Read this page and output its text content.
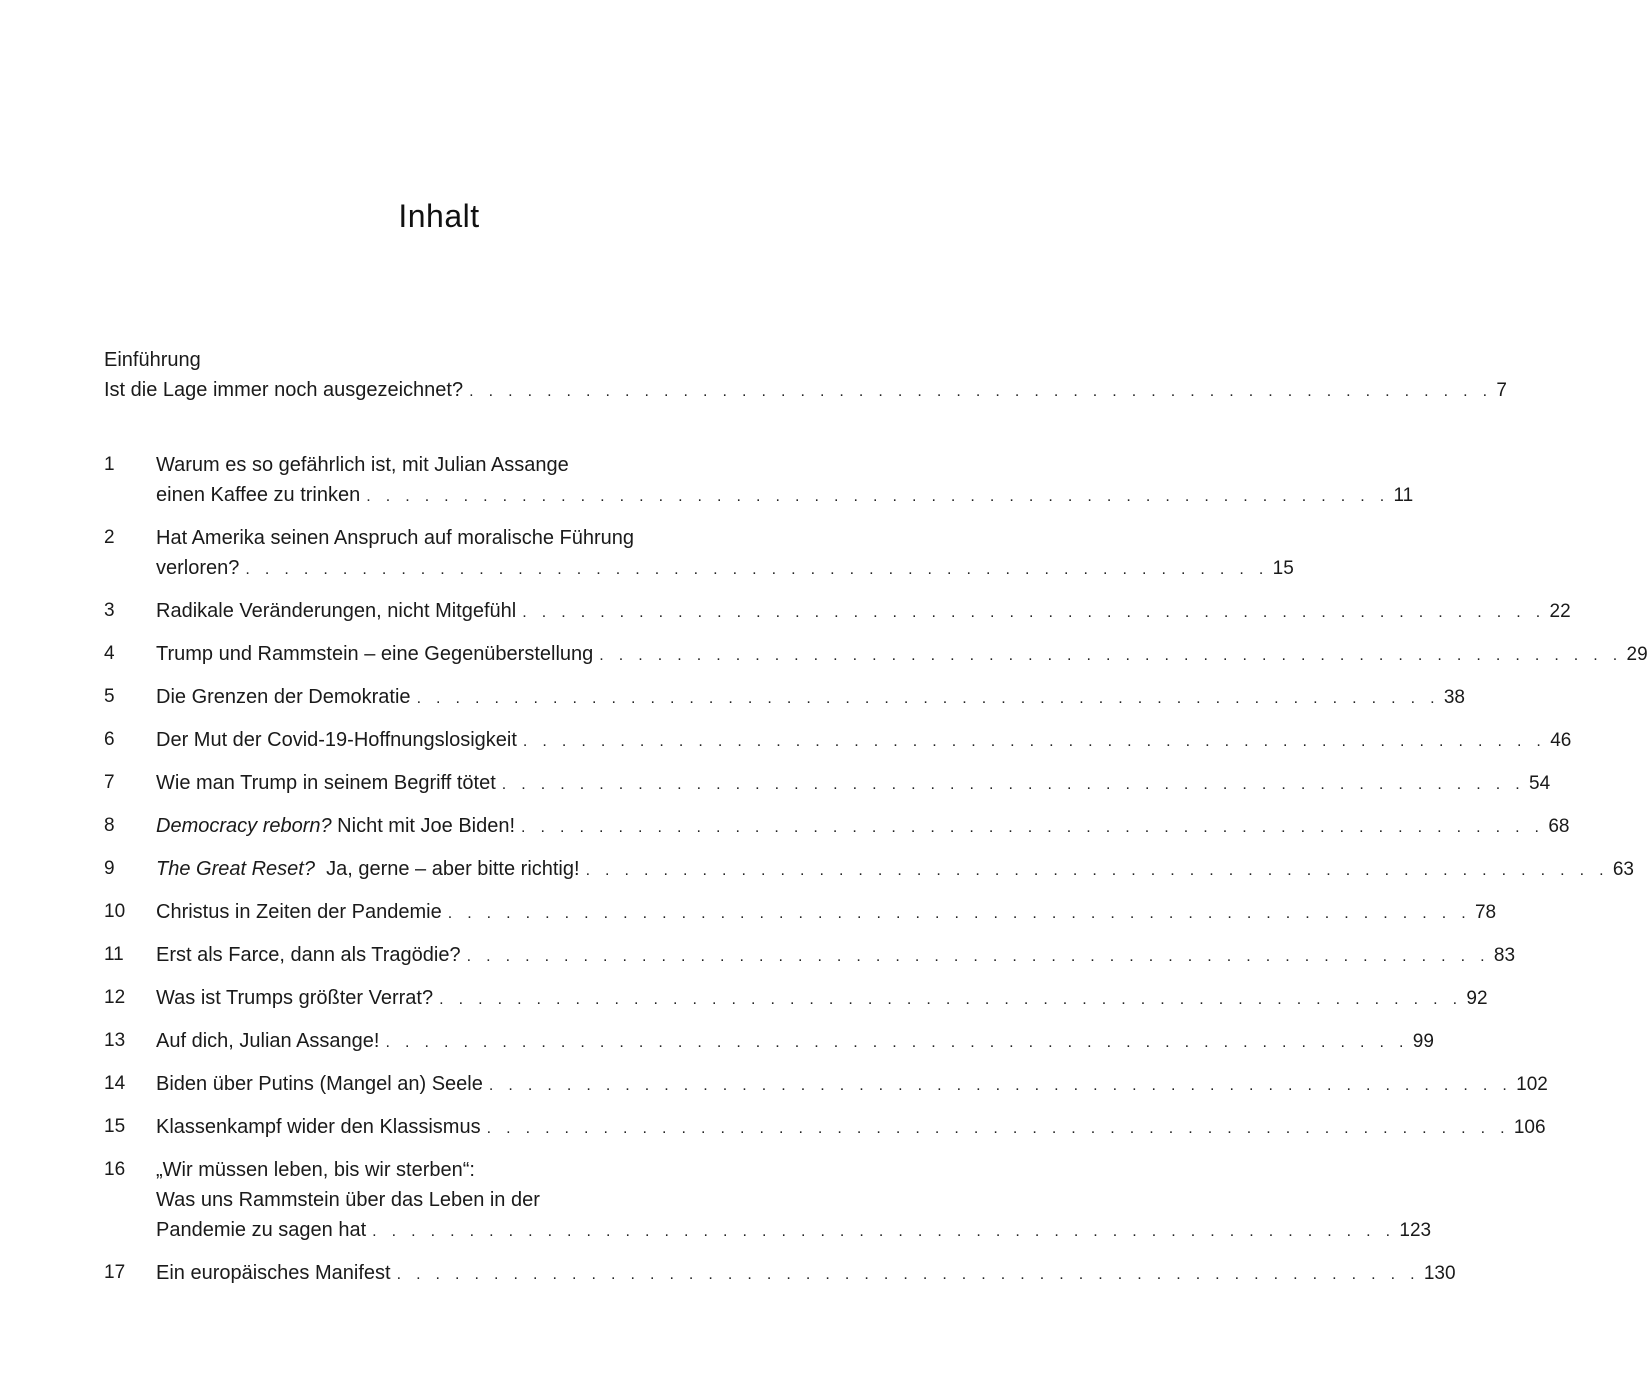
Inhalt
Einführung
Ist die Lage immer noch ausgezeichnet? . . . . . . . . . . . . . . . . . . . . . . . . . . . . . . . . . . . . . . . . . . . . . . . . . . . . . 7
1	Warum es so gefährlich ist, mit Julian Assange
einen Kaffee zu trinken . . . . . . . . . . . . . . . . . . . . . . . . . . . . . . . . . . . . . . . . . . . . . . . . . . . . . 11
2	Hat Amerika seinen Anspruch auf moralische Führung
verloren? . . . . . . . . . . . . . . . . . . . . . . . . . . . . . . . . . . . . . . . . . . . . . . . . . . . . . 15
3	Radikale Veränderungen, nicht Mitgefühl . . . . . . . . . . . . . . . . . . . . . . . . . . . . . . . . . . . . . . . . . . . . . . . . . . . . . 22
4	Trump und Rammstein – eine Gegenüberstellung . . . . . . . . . . . . . . . . . . . . . . . . . . . . . . . . . . . . . . . . . . . . . . . . . . . . . 29
5	Die Grenzen der Demokratie . . . . . . . . . . . . . . . . . . . . . . . . . . . . . . . . . . . . . . . . . . . . . . . . . . . . . 38
6	Der Mut der Covid-19-Hoffnungslosigkeit . . . . . . . . . . . . . . . . . . . . . . . . . . . . . . . . . . . . . . . . . . . . . . . . . . . . . 46
7	Wie man Trump in seinem Begriff tötet . . . . . . . . . . . . . . . . . . . . . . . . . . . . . . . . . . . . . . . . . . . . . . . . . . . . . 54
8	Democracy reborn? Nicht mit Joe Biden! . . . . . . . . . . . . . . . . . . . . . . . . . . . . . . . . . . . . . . . . . . . . . . . . . . . . . 68
9	The Great Reset?  Ja, gerne – aber bitte richtig! . . . . . . . . . . . . . . . . . . . . . . . . . . . . . . . . . . . . . . . . . . . . . . . . . . . . . 63
10	Christus in Zeiten der Pandemie . . . . . . . . . . . . . . . . . . . . . . . . . . . . . . . . . . . . . . . . . . . . . . . . . . . . . 78
11	Erst als Farce, dann als Tragödie? . . . . . . . . . . . . . . . . . . . . . . . . . . . . . . . . . . . . . . . . . . . . . . . . . . . . . 83
12	Was ist Trumps größter Verrat? . . . . . . . . . . . . . . . . . . . . . . . . . . . . . . . . . . . . . . . . . . . . . . . . . . . . . 92
13	Auf dich, Julian Assange! . . . . . . . . . . . . . . . . . . . . . . . . . . . . . . . . . . . . . . . . . . . . . . . . . . . . . 99
14	Biden über Putins (Mangel an) Seele . . . . . . . . . . . . . . . . . . . . . . . . . . . . . . . . . . . . . . . . . . . . . . . . . . . . . 102
15	Klassenkampf wider den Klassismus . . . . . . . . . . . . . . . . . . . . . . . . . . . . . . . . . . . . . . . . . . . . . . . . . . . . . 106
16	„Wir müssen leben, bis wir sterben“:
Was uns Rammstein über das Leben in der
Pandemie zu sagen hat . . . . . . . . . . . . . . . . . . . . . . . . . . . . . . . . . . . . . . . . . . . . . . . . . . . . . 123
17	Ein europäisches Manifest . . . . . . . . . . . . . . . . . . . . . . . . . . . . . . . . . . . . . . . . . . . . . . . . . . . . . 130
